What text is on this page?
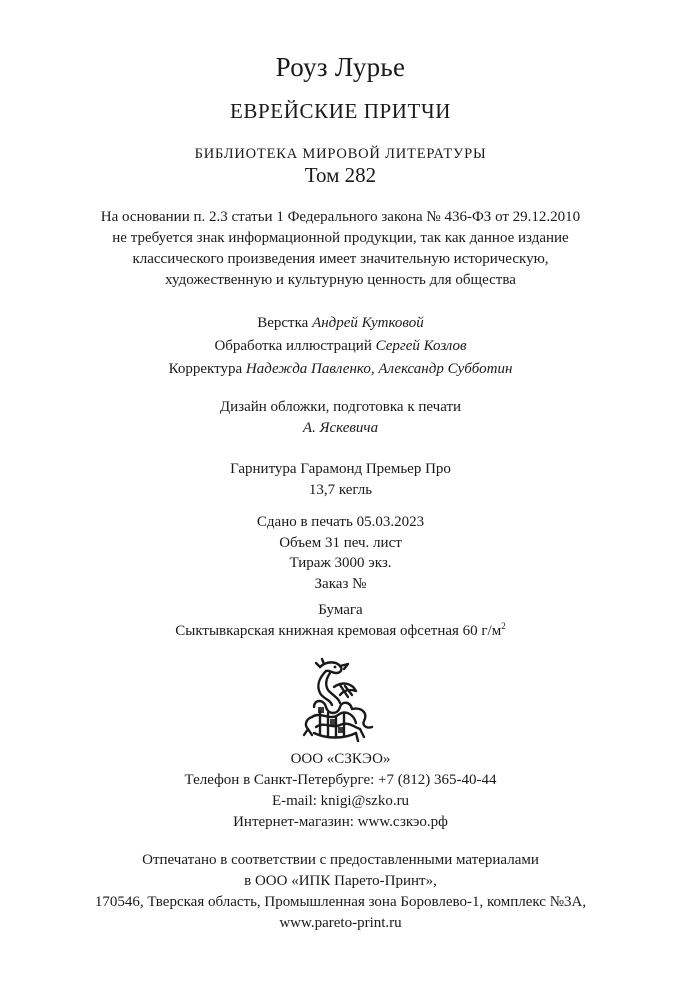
Роуз Лурье
ЕВРЕЙСКИЕ ПРИТЧИ
БИБЛИОТЕКА МИРОВОЙ ЛИТЕРАТУРЫ
Том 282
На основании п. 2.3 статьи 1 Федерального закона № 436-ФЗ от 29.12.2010
не требуется знак информационной продукции, так как данное издание
классического произведения имеет значительную историческую,
художественную и культурную ценность для общества
Верстка Андрей Кутковой
Обработка иллюстраций Сергей Козлов
Корректура Надежда Павленко, Александр Субботин
Дизайн обложки, подготовка к печати
А. Яскевича
Гарнитура Гарамонд Премьер Про
13,7 кегль
Сдано в печать 05.03.2023
Объем 31 печ. лист
Тираж 3000 экз.
Заказ №
Бумага
Сыктывкарская книжная кремовая офсетная 60 $г/м^2$
ООО «СЗКЭО»
Телефон в Санкт-Петербурге: +7 (812) 365-40-44
E-mail: knigi@szko.ru
Интернет-магазин: www.сзкэо.рф
Отпечатано в соответствии с предоставленными материалами
в ООО «ИПК Парето-Принт»,
170546, Тверская область, Промышленная зона Боровлево-1, комплекс №3А,
www.pareto-print.ru
